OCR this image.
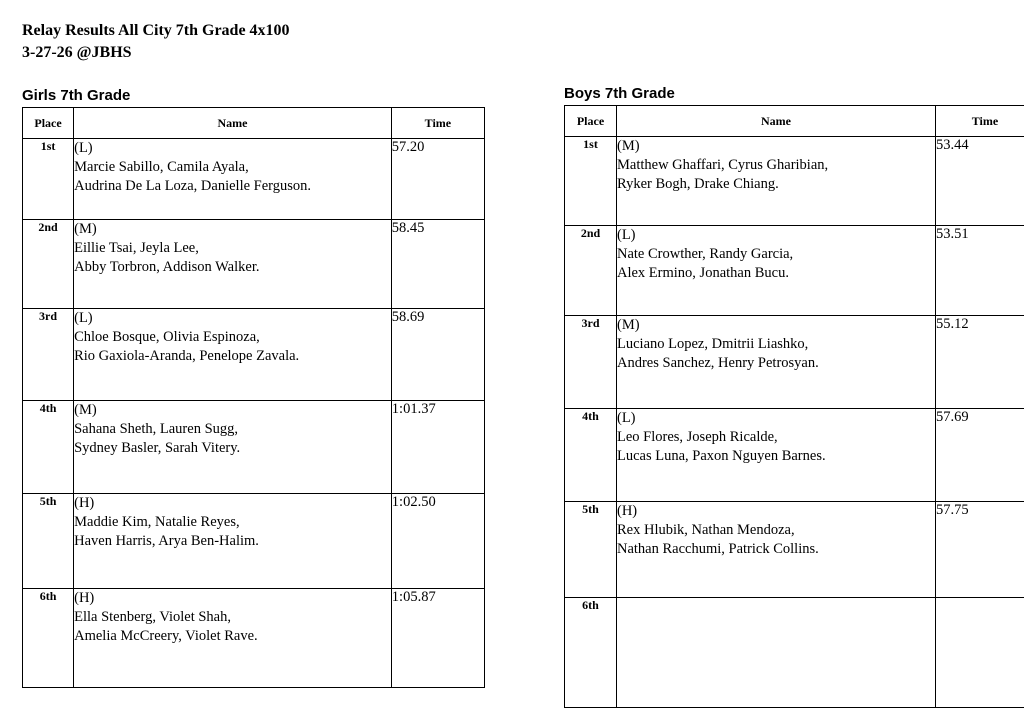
Relay Results All City 7th Grade 4x100
3-27-26 @JBHS
Girls 7th Grade
Place	Name	Time
1st	(L)
Marcie Sabillo, Camila Ayala,
Audrina De La Loza, Danielle Ferguson.	57.20
2nd	(M)
Eillie Tsai, Jeyla Lee,
Abby Torbron, Addison Walker.	58.45
3rd	(L)
Chloe Bosque, Olivia Espinoza,
Rio Gaxiola-Aranda, Penelope Zavala.	58.69
4th	(M)
Sahana Sheth, Lauren Sugg,
Sydney Basler, Sarah Vitery.	1:01.37
5th	(H)
Maddie Kim, Natalie Reyes,
Haven Harris, Arya Ben-Halim.	1:02.50
6th	(H)
Ella Stenberg, Violet Shah,
Amelia McCreery, Violet Rave.	1:05.87
Boys 7th Grade
Place	Name	Time
1st	(M)
Matthew Ghaffari, Cyrus Gharibian,
Ryker Bogh, Drake Chiang.	53.44
2nd	(L)
Nate Crowther, Randy Garcia,
Alex Ermino, Jonathan Bucu.	53.51
3rd	(M)
Luciano Lopez, Dmitrii Liashko,
Andres Sanchez, Henry Petrosyan.	55.12
4th	(L)
Leo Flores, Joseph Ricalde,
Lucas Luna, Paxon Nguyen Barnes.	57.69
5th	(H)
Rex Hlubik, Nathan Mendoza,
Nathan Racchumi, Patrick Collins.	57.75
6th	
